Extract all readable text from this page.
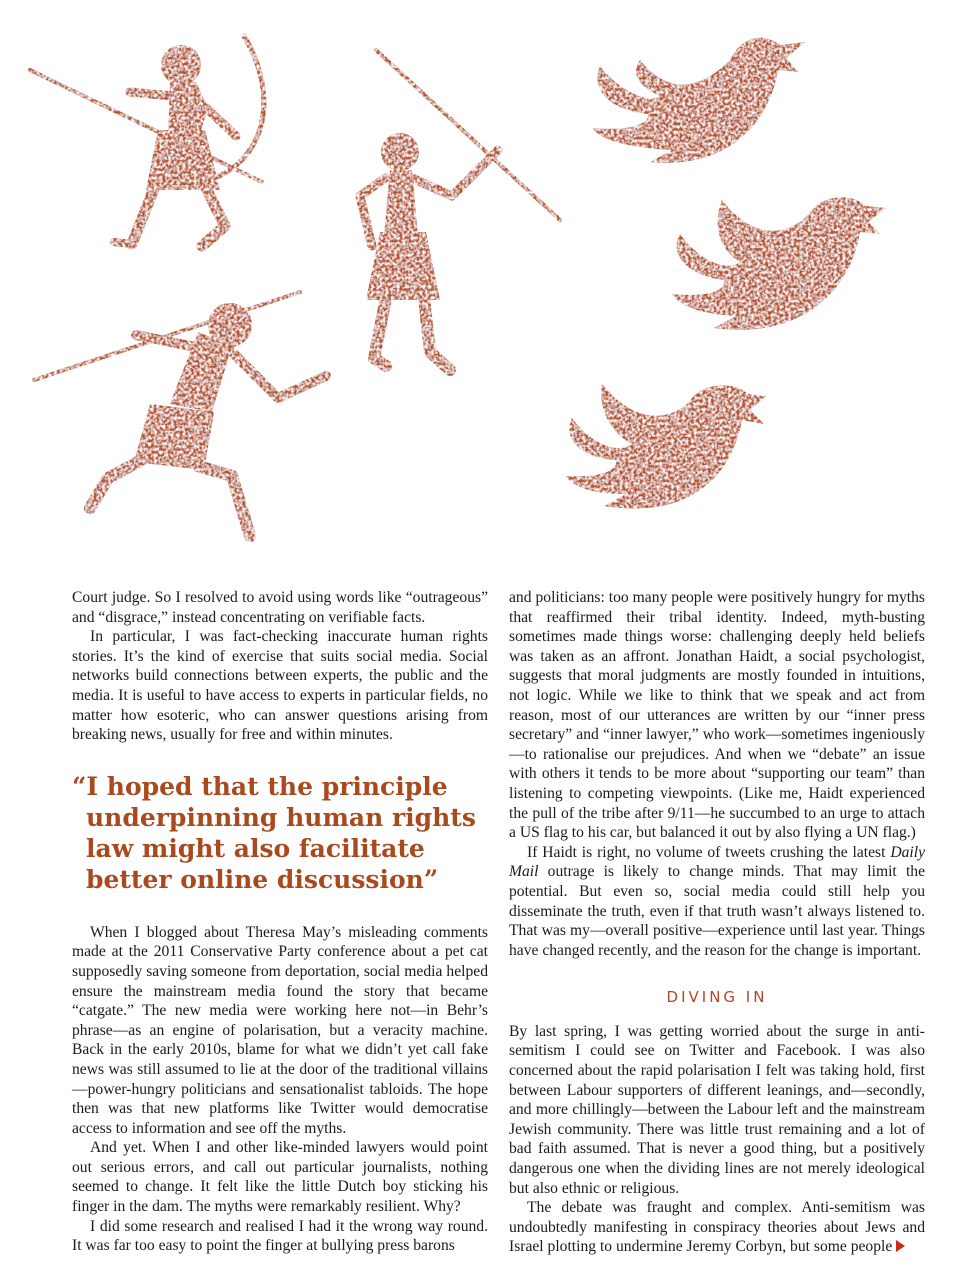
Court judge. So I resolved to avoid using words like “outrageous” and “disgrace,” instead concentrating on verifiable facts.

In particular, I was fact-checking inaccurate human rights stories. It’s the kind of exercise that suits social media. Social networks build connections between experts, the public and the media. It is useful to have access to experts in particular fields, no matter how esoteric, who can answer questions arising from breaking news, usually for free and within minutes.

“I hoped that the principle underpinning human rights law might also facilitate better online discussion”

When I blogged about Theresa May’s misleading comments made at the 2011 Conservative Party conference about a pet cat supposedly saving someone from deportation, social media helped ensure the mainstream media found the story that became “catgate.” The new media were working here not—in Behr’s phrase—as an engine of polarisation, but a veracity machine. Back in the early 2010s, blame for what we didn’t yet call fake news was still assumed to lie at the door of the traditional villains—power-hungry politicians and sensationalist tabloids. The hope then was that new platforms like Twitter would democratise access to information and see off the myths.

And yet. When I and other like-minded lawyers would point out serious errors, and call out particular journalists, nothing seemed to change. It felt like the little Dutch boy sticking his finger in the dam. The myths were remarkably resilient. Why?

I did some research and realised I had it the wrong way round. It was far too easy to point the finger at bullying press barons

and politicians: too many people were positively hungry for myths that reaffirmed their tribal identity. Indeed, myth-busting sometimes made things worse: challenging deeply held beliefs was taken as an affront. Jonathan Haidt, a social psychologist, suggests that moral judgments are mostly founded in intuitions, not logic. While we like to think that we speak and act from reason, most of our utterances are written by our “inner press secretary” and “inner lawyer,” who work—sometimes ingeniously—to rationalise our prejudices. And when we “debate” an issue with others it tends to be more about “supporting our team” than listening to competing viewpoints. (Like me, Haidt experienced the pull of the tribe after 9/11—he succumbed to an urge to attach a US flag to his car, but balanced it out by also flying a UN flag.)

If Haidt is right, no volume of tweets crushing the latest Daily Mail outrage is likely to change minds. That may limit the potential. But even so, social media could still help you disseminate the truth, even if that truth wasn’t always listened to. That was my—overall positive—experience until last year. Things have changed recently, and the reason for the change is important.

DIVING IN

By last spring, I was getting worried about the surge in anti-semitism I could see on Twitter and Facebook. I was also concerned about the rapid polarisation I felt was taking hold, first between Labour supporters of different leanings, and—secondly, and more chillingly—between the Labour left and the mainstream Jewish community. There was little trust remaining and a lot of bad faith assumed. That is never a good thing, but a positively dangerous one when the dividing lines are not merely ideological but also ethnic or religious.

The debate was fraught and complex. Anti-semitism was undoubtedly manifesting in conspiracy theories about Jews and Israel plotting to undermine Jeremy Corbyn, but some people
